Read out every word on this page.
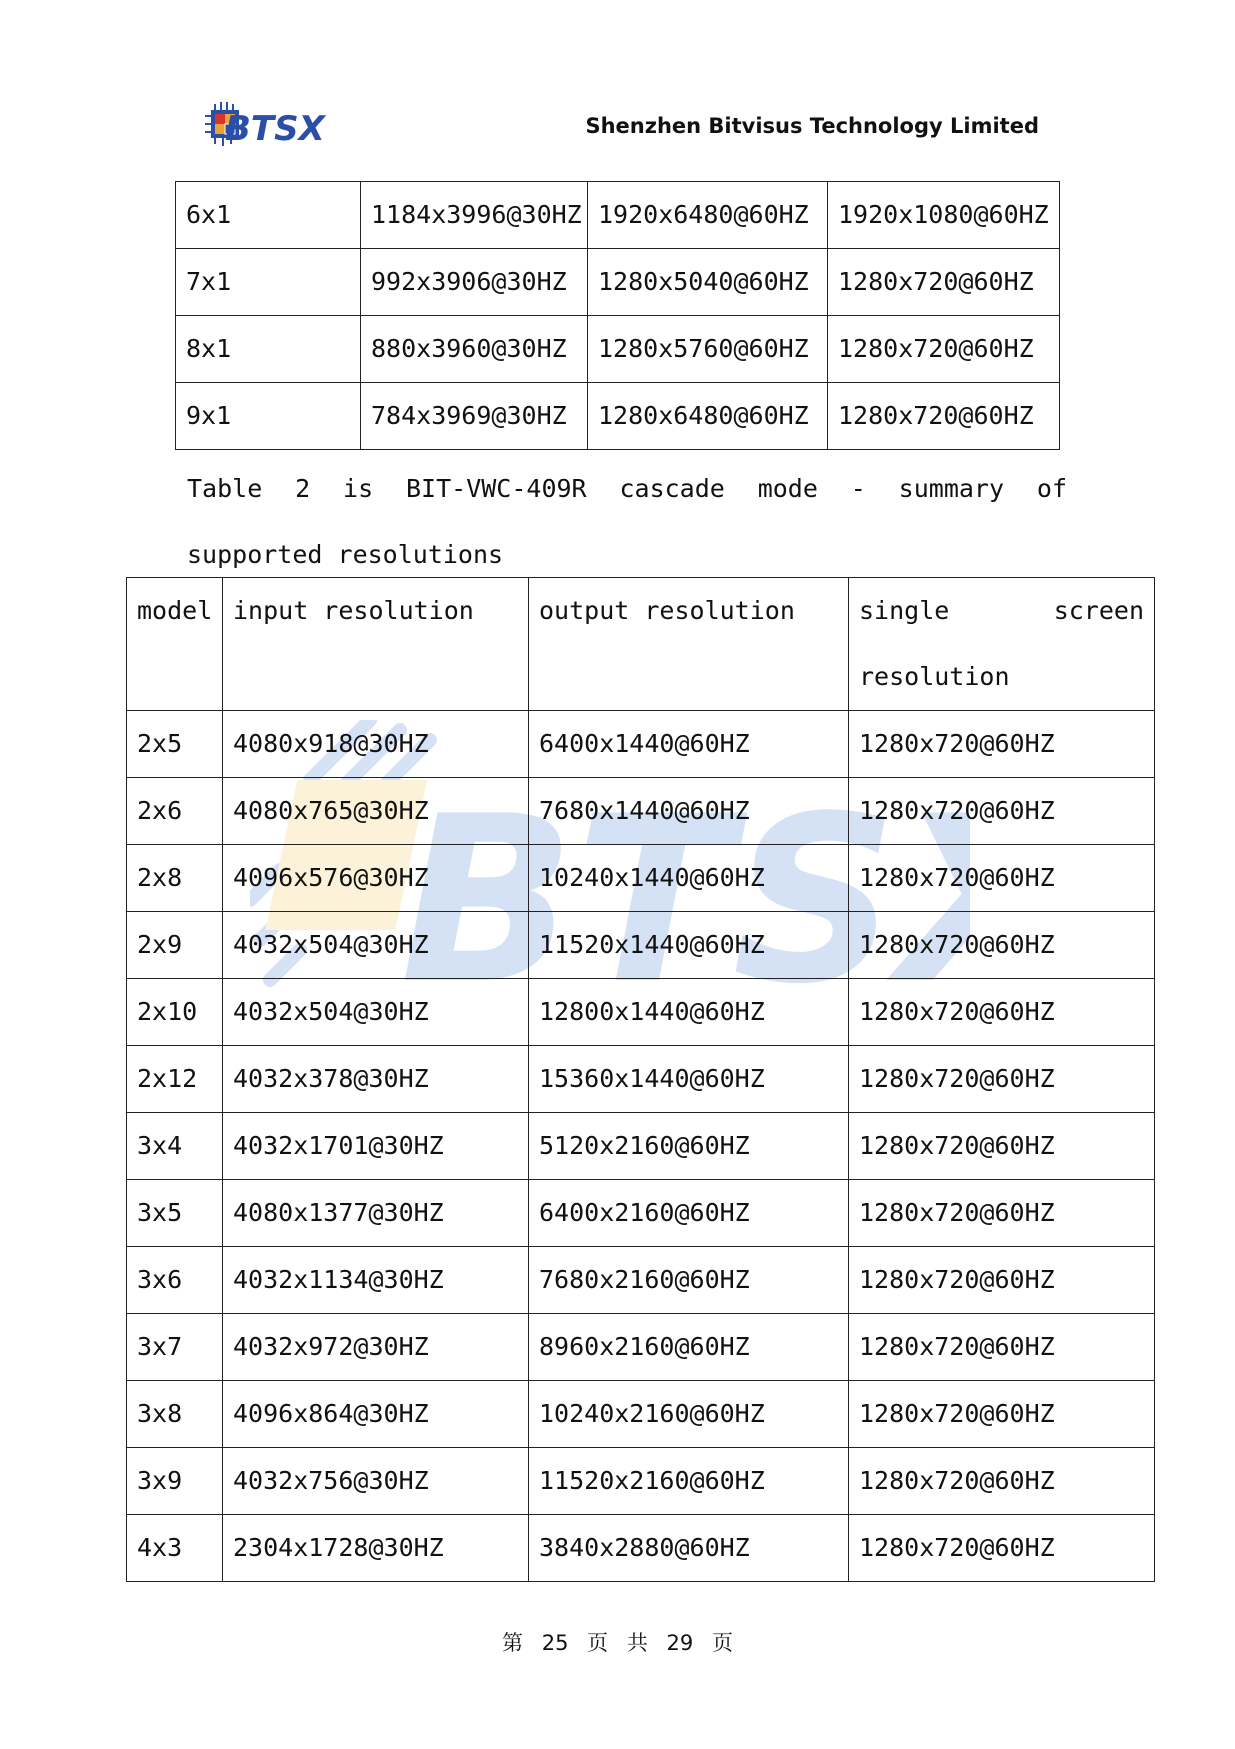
BTSX	Shenzhen Bitvisus Technology Limited
6x1	1184x3996@30HZ	1920x6480@60HZ	1920x1080@60HZ
7x1	992x3906@30HZ	1280x5040@60HZ	1280x720@60HZ
8x1	880x3960@30HZ	1280x5760@60HZ	1280x720@60HZ
9x1	784x3969@30HZ	1280x6480@60HZ	1280x720@60HZ
Table 2 is BIT-VWC-409R cascade mode - summary of supported resolutions
BTS
model	input resolution	output resolution	single screen
resolution

2x5	4080x918@30HZ	6400x1440@60HZ	1280x720@60HZ
2x6	4080x765@30HZ	7680x1440@60HZ	1280x720@60HZ
2x8	4096x576@30HZ	10240x1440@60HZ	1280x720@60HZ
2x9	4032x504@30HZ	11520x1440@60HZ	1280x720@60HZ
2x10	4032x504@30HZ	12800x1440@60HZ	1280x720@60HZ
2x12	4032x378@30HZ	15360x1440@60HZ	1280x720@60HZ
3x4	4032x1701@30HZ	5120x2160@60HZ	1280x720@60HZ
3x5	4080x1377@30HZ	6400x2160@60HZ	1280x720@60HZ
3x6	4032x1134@30HZ	7680x2160@60HZ	1280x720@60HZ
3x7	4032x972@30HZ	8960x2160@60HZ	1280x720@60HZ
3x8	4096x864@30HZ	10240x2160@60HZ	1280x720@60HZ
3x9	4032x756@30HZ	11520x2160@60HZ	1280x720@60HZ
4x3	2304x1728@30HZ	3840x2880@60HZ	1280x720@60HZ
第 25 页 共 29 页
